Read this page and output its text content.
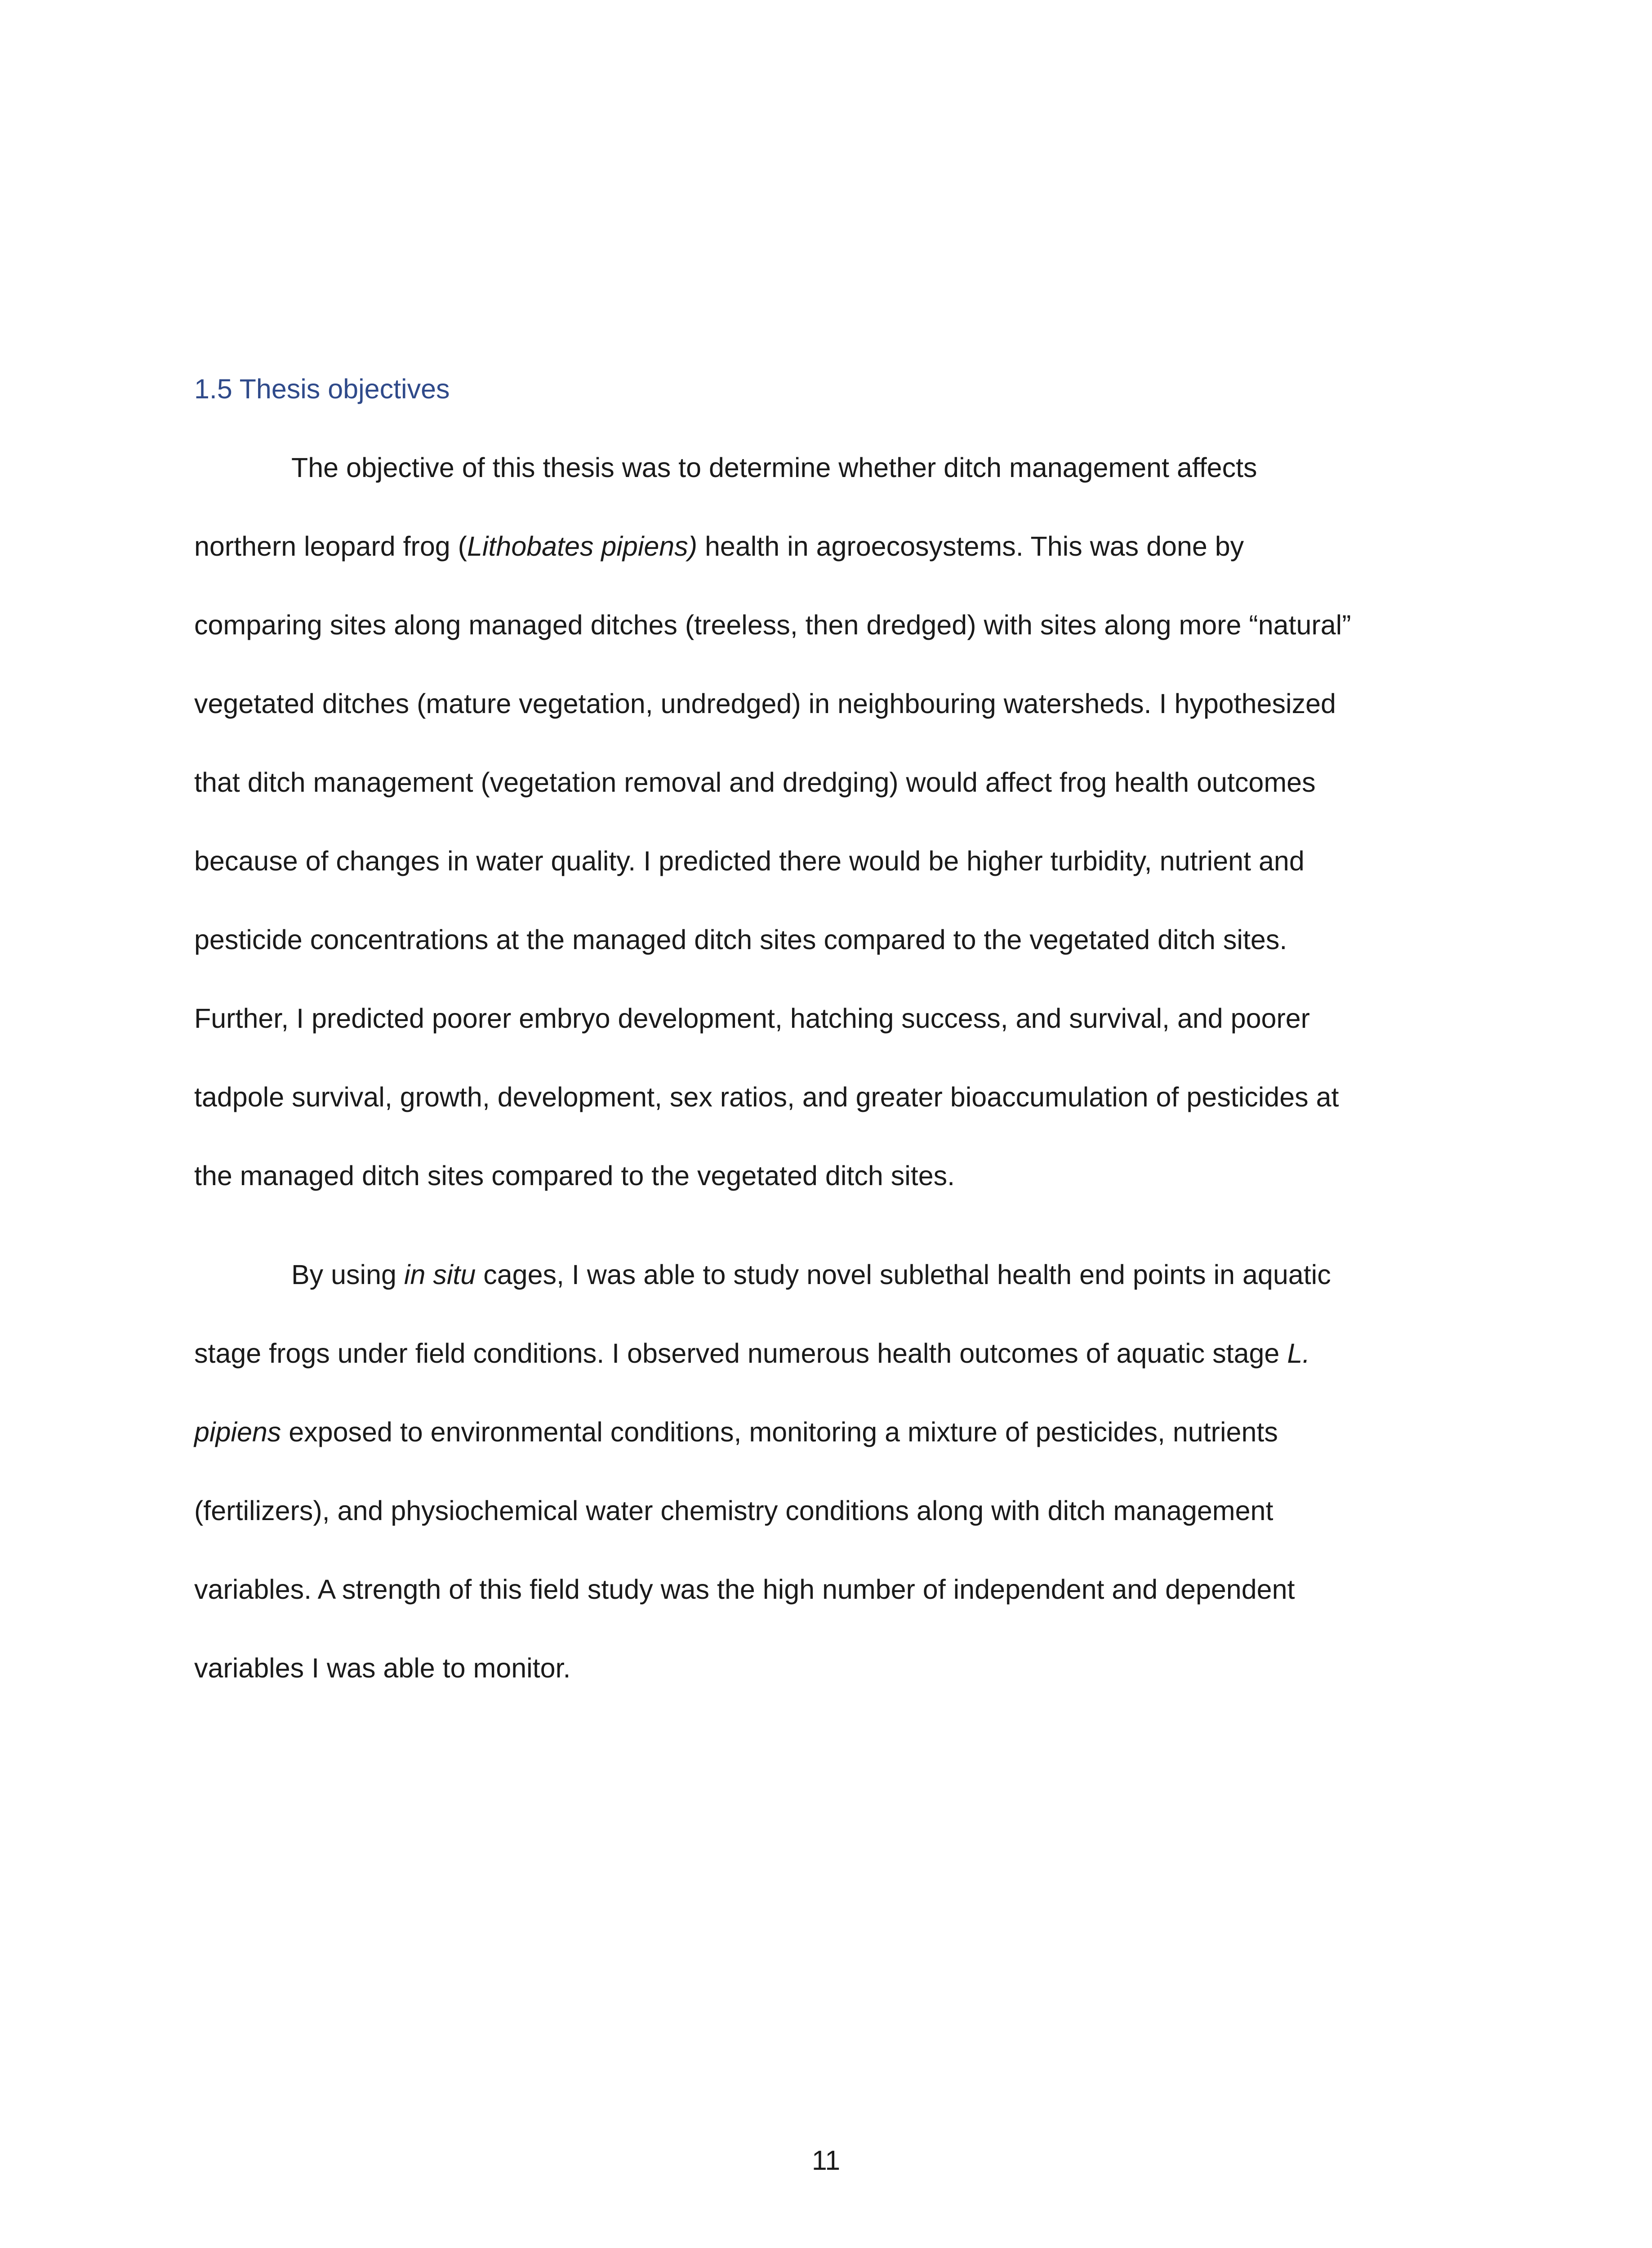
1.5 Thesis objectives

The objective of this thesis was to determine whether ditch management affects

northern leopard frog (Lithobates pipiens) health in agroecosystems. This was done by

comparing sites along managed ditches (treeless, then dredged) with sites along more “natural”

vegetated ditches (mature vegetation, undredged) in neighbouring watersheds. I hypothesized

that ditch management (vegetation removal and dredging) would affect frog health outcomes

because of changes in water quality. I predicted there would be higher turbidity, nutrient and

pesticide concentrations at the managed ditch sites compared to the vegetated ditch sites.

Further, I predicted poorer embryo development, hatching success, and survival, and poorer

tadpole survival, growth, development, sex ratios, and greater bioaccumulation of pesticides at

the managed ditch sites compared to the vegetated ditch sites.

By using in situ cages, I was able to study novel sublethal health end points in aquatic

stage frogs under field conditions. I observed numerous health outcomes of aquatic stage L.

pipiens exposed to environmental conditions, monitoring a mixture of pesticides, nutrients

(fertilizers), and physiochemical water chemistry conditions along with ditch management

variables. A strength of this field study was the high number of independent and dependent

variables I was able to monitor.

11
